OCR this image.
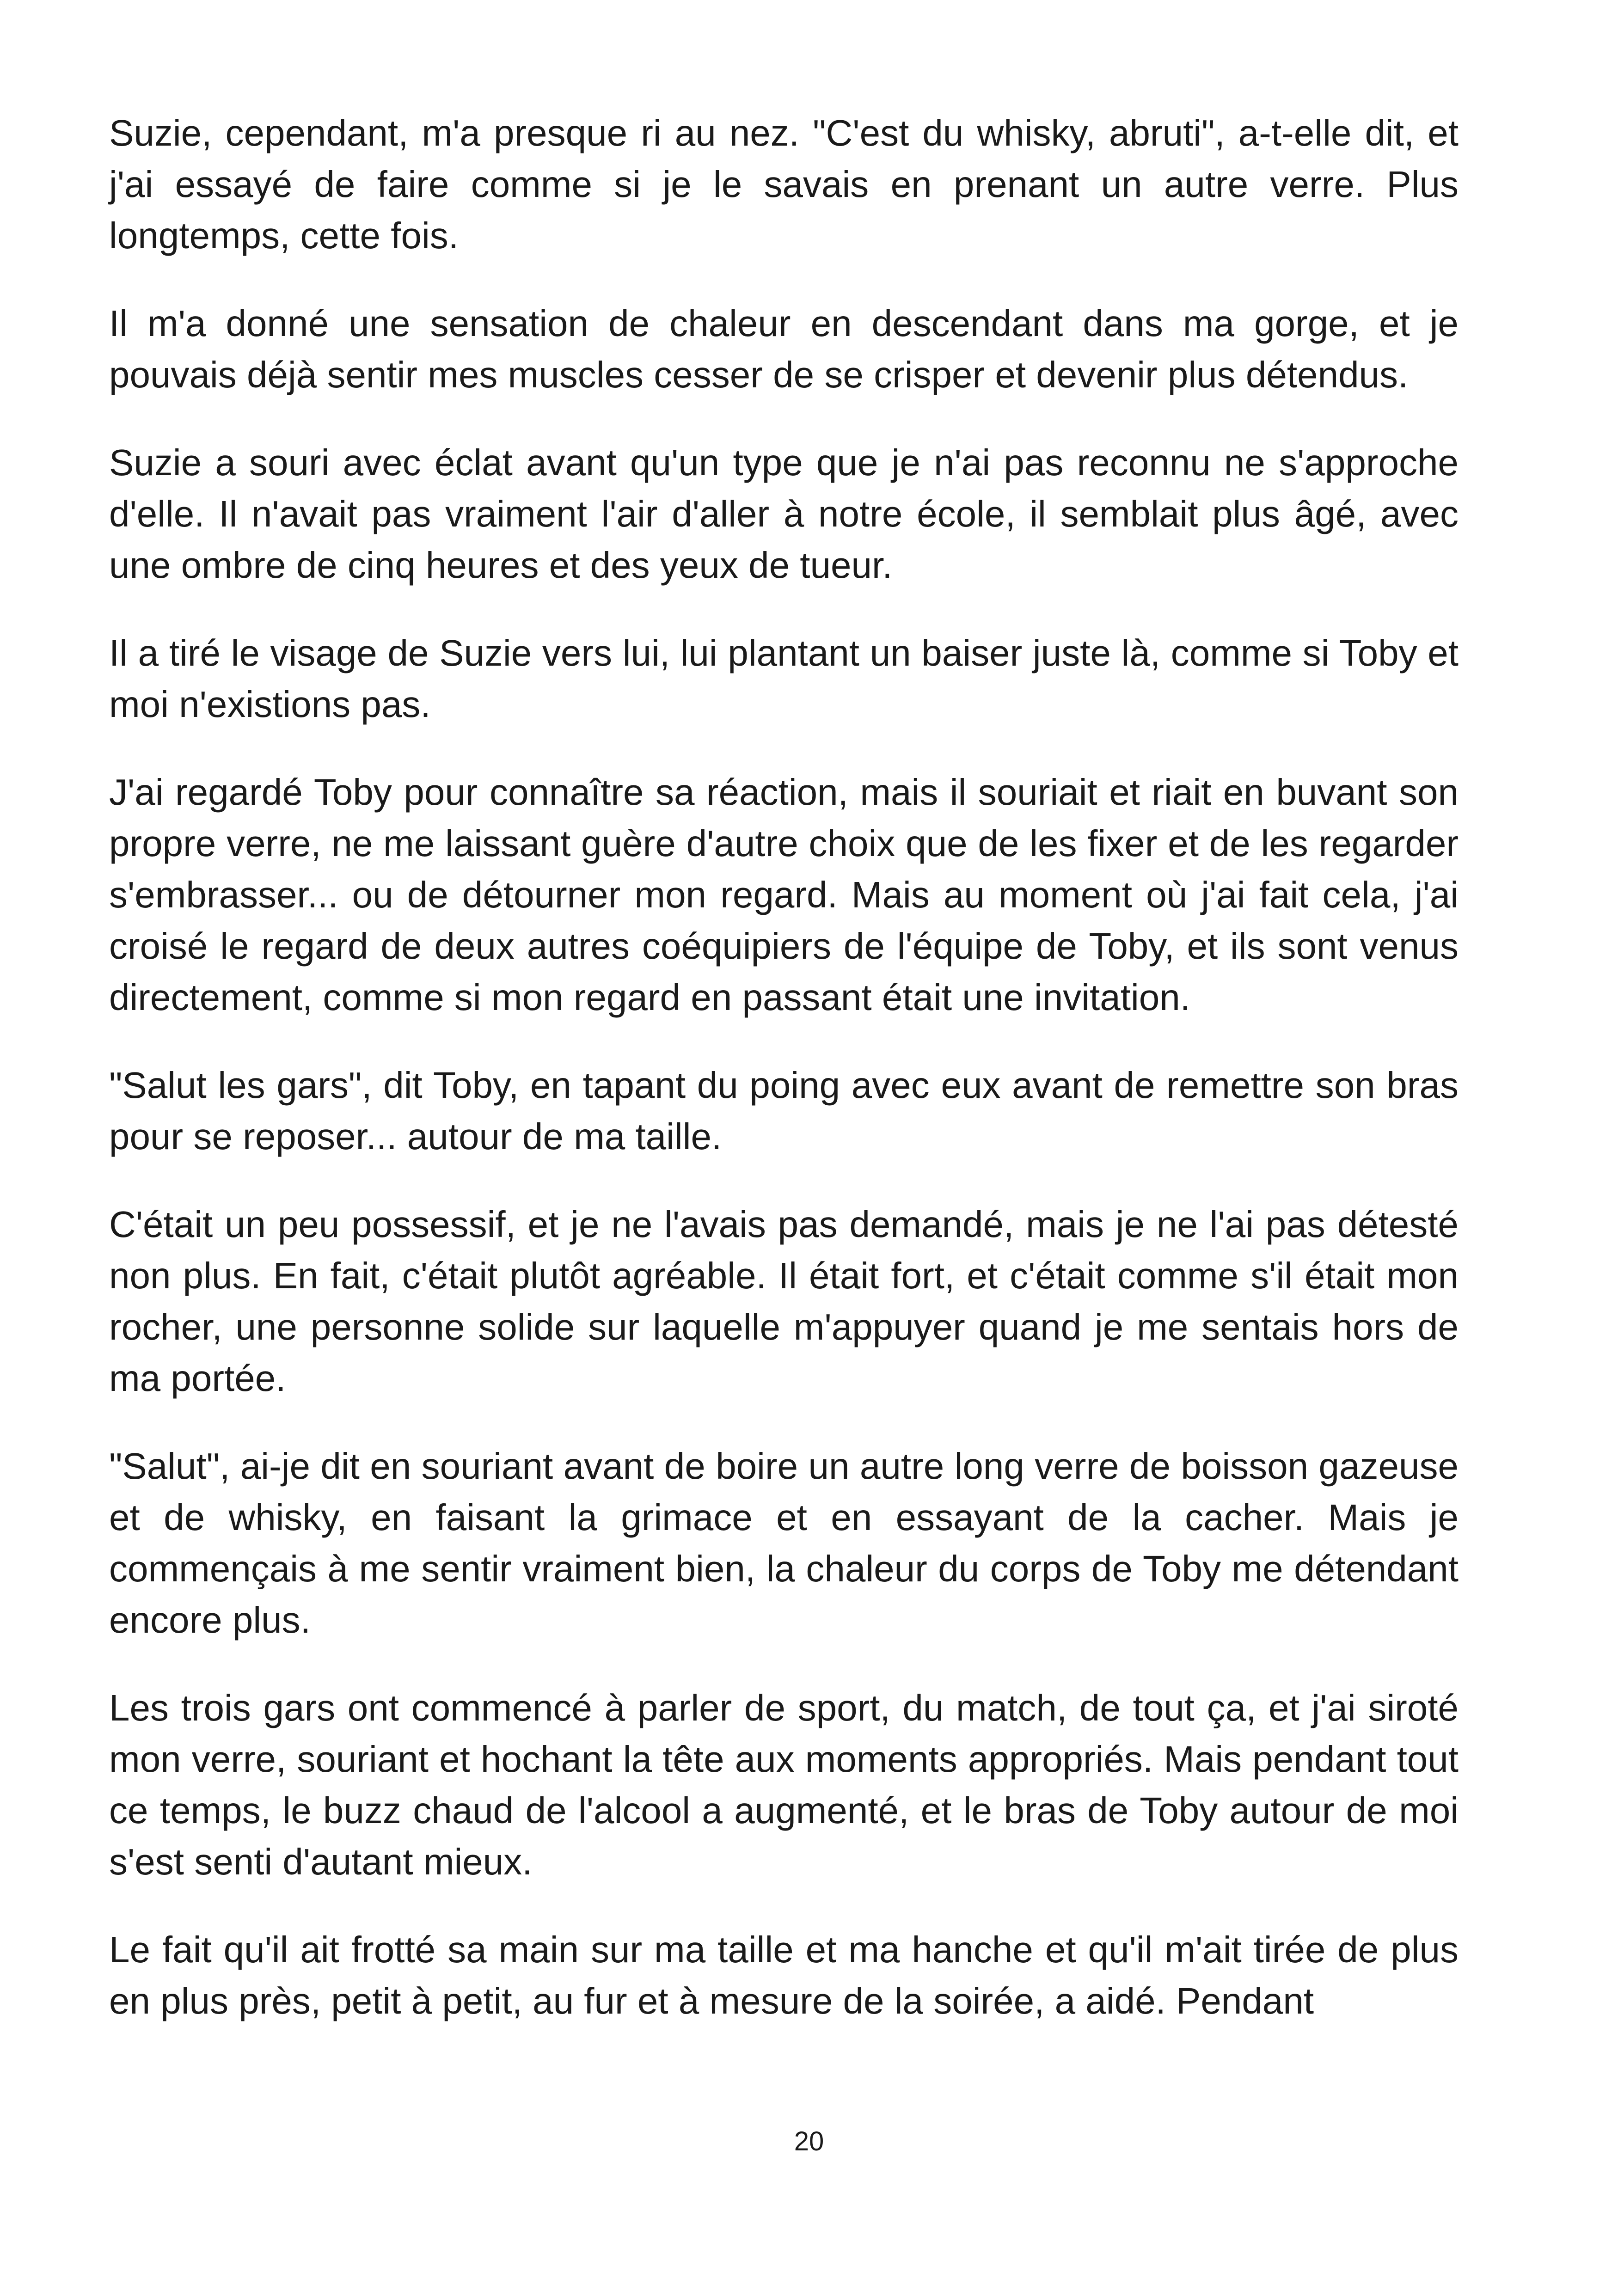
Suzie, cependant, m'a presque ri au nez. "C'est du whisky, abruti", a-t-elle dit, et j'ai essayé de faire comme si je le savais en prenant un autre verre. Plus longtemps, cette fois.

Il m'a donné une sensation de chaleur en descendant dans ma gorge, et je pouvais déjà sentir mes muscles cesser de se crisper et devenir plus détendus.

Suzie a souri avec éclat avant qu'un type que je n'ai pas reconnu ne s'approche d'elle. Il n'avait pas vraiment l'air d'aller à notre école, il semblait plus âgé, avec une ombre de cinq heures et des yeux de tueur.

Il a tiré le visage de Suzie vers lui, lui plantant un baiser juste là, comme si Toby et moi n'existions pas.

J'ai regardé Toby pour connaître sa réaction, mais il souriait et riait en buvant son propre verre, ne me laissant guère d'autre choix que de les fixer et de les regarder s'embrasser... ou de détourner mon regard. Mais au moment où j'ai fait cela, j'ai croisé le regard de deux autres coéquipiers de l'équipe de Toby, et ils sont venus directement, comme si mon regard en passant était une invitation.

"Salut les gars", dit Toby, en tapant du poing avec eux avant de remettre son bras pour se reposer... autour de ma taille.

C'était un peu possessif, et je ne l'avais pas demandé, mais je ne l'ai pas détesté non plus. En fait, c'était plutôt agréable. Il était fort, et c'était comme s'il était mon rocher, une personne solide sur laquelle m'appuyer quand je me sentais hors de ma portée.

"Salut", ai-je dit en souriant avant de boire un autre long verre de boisson gazeuse et de whisky, en faisant la grimace et en essayant de la cacher. Mais je commençais à me sentir vraiment bien, la chaleur du corps de Toby me détendant encore plus.

Les trois gars ont commencé à parler de sport, du match, de tout ça, et j'ai siroté mon verre, souriant et hochant la tête aux moments appropriés. Mais pendant tout ce temps, le buzz chaud de l'alcool a augmenté, et le bras de Toby autour de moi s'est senti d'autant mieux.

Le fait qu'il ait frotté sa main sur ma taille et ma hanche et qu'il m'ait tirée de plus en plus près, petit à petit, au fur et à mesure de la soirée, a aidé. Pendant

20
